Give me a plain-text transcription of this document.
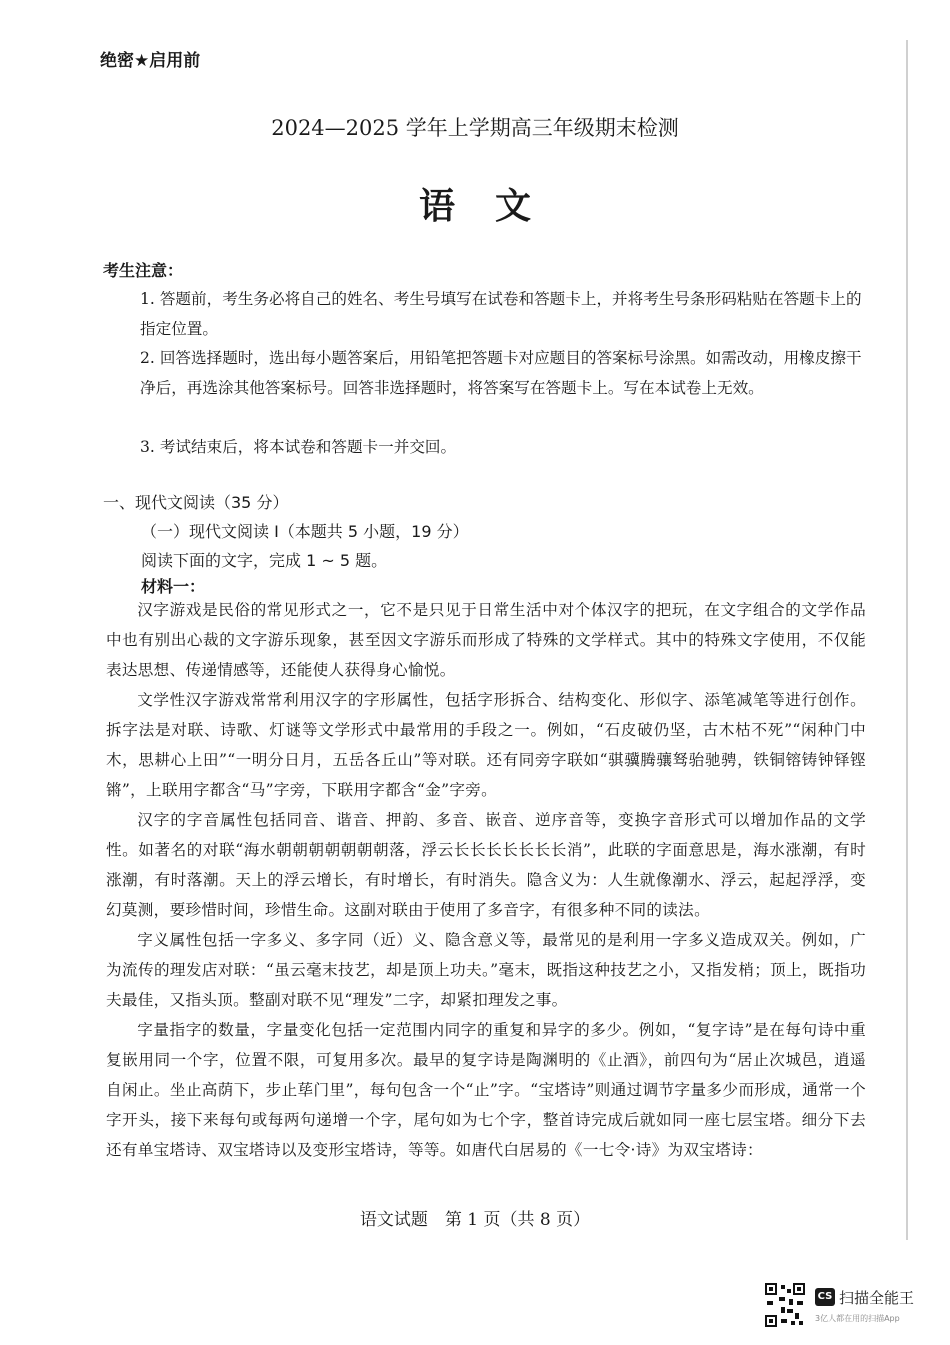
绝密★启用前
2024—2025 学年上学期高三年级期末检测
语文
考生注意：
1. 答题前，考生务必将自己的姓名、考生号填写在试卷和答题卡上，并将考生号条形码粘贴在答题卡上的指定位置。
2. 回答选择题时，选出每小题答案后，用铅笔把答题卡对应题目的答案标号涂黑。如需改动，用橡皮擦干净后，再选涂其他答案标号。回答非选择题时，将答案写在答题卡上。写在本试卷上无效。
3. 考试结束后，将本试卷和答题卡一并交回。
一、现代文阅读（35 分）
（一）现代文阅读 I（本题共 5 小题，19 分）
阅读下面的文字，完成 1 ~ 5 题。
材料一：

汉字游戏是民俗的常见形式之一，它不是只见于日常生活中对个体汉字的把玩，在文字组合的文学作品中也有别出心裁的文字游乐现象，甚至因文字游乐而形成了特殊的文学样式。其中的特殊文字使用，不仅能表达思想、传递情感等，还能使人获得身心愉悦。

文学性汉字游戏常常利用汉字的字形属性，包括字形拆合、结构变化、形似字、添笔减笔等进行创作。拆字法是对联、诗歌、灯谜等文学形式中最常用的手段之一。例如，“石皮破仍坚，古木枯不死”“闲种门中木，思耕心上田”“一明分日月，五岳各丘山”等对联。还有同旁字联如“骐骥腾骧驽骀驰骋，铁铜镕铸钟铎铿锵”，上联用字都含“马”字旁，下联用字都含“金”字旁。

汉字的字音属性包括同音、谐音、押韵、多音、嵌音、逆序音等，变换字音形式可以增加作品的文学性。如著名的对联“海水朝朝朝朝朝朝朝落，浮云长长长长长长长消”，此联的字面意思是，海水涨潮，有时涨潮，有时落潮。天上的浮云增长，有时增长，有时消失。隐含义为：人生就像潮水、浮云，起起浮浮，变幻莫测，要珍惜时间，珍惜生命。这副对联由于使用了多音字，有很多种不同的读法。

字义属性包括一字多义、多字同（近）义、隐含意义等，最常见的是利用一字多义造成双关。例如，广为流传的理发店对联：“虽云毫末技艺，却是顶上功夫。”毫末，既指这种技艺之小，又指发梢；顶上，既指功夫最佳，又指头顶。整副对联不见“理发”二字，却紧扣理发之事。

字量指字的数量，字量变化包括一定范围内同字的重复和异字的多少。例如，“复字诗”是在每句诗中重复嵌用同一个字，位置不限，可复用多次。最早的复字诗是陶渊明的《止酒》，前四句为“居止次城邑，逍遥自闲止。坐止高荫下，步止荜门里”，每句包含一个“止”字。“宝塔诗”则通过调节字量多少而形成，通常一个字开头，接下来每句或每两句递增一个字，尾句如为七个字，整首诗完成后就如同一座七层宝塔。细分下去还有单宝塔诗、双宝塔诗以及变形宝塔诗，等等。如唐代白居易的《一七令·诗》为双宝塔诗：

语文试题　第 1 页（共 8 页）
CS 扫描全能王
3亿人都在用的扫描App
